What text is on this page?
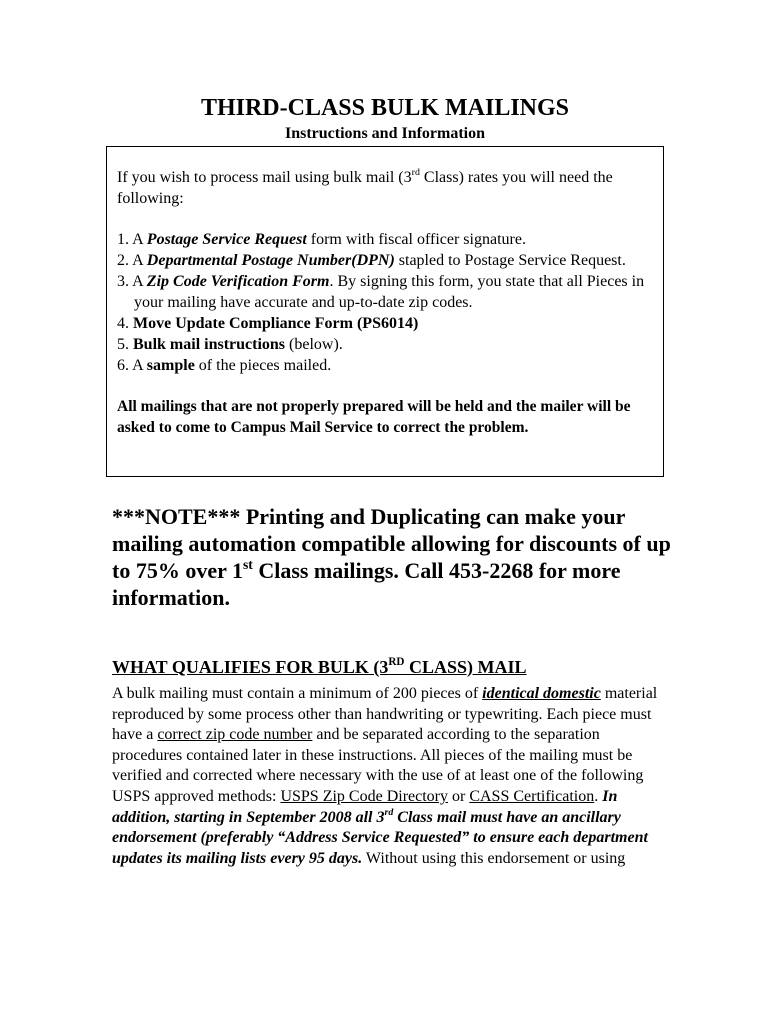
THIRD-CLASS BULK MAILINGS
Instructions and Information

If you wish to process mail using bulk mail (3rd Class) rates you will need the following:

1. A Postage Service Request form with fiscal officer signature.
2. A Departmental Postage Number(DPN) stapled to Postage Service Request.
3. A Zip Code Verification Form. By signing this form, you state that all Pieces in your mailing have accurate and up-to-date zip codes.
4. Move Update Compliance Form (PS6014)
5. Bulk mail instructions (below).
6. A sample of the pieces mailed.

All mailings that are not properly prepared will be held and the mailer will be asked to come to Campus Mail Service to correct the problem.

***NOTE*** Printing and Duplicating can make your mailing automation compatible allowing for discounts of up to 75% over 1st Class mailings. Call 453-2268 for more information.
WHAT QUALIFIES FOR BULK (3RD CLASS) MAIL
A bulk mailing must contain a minimum of 200 pieces of identical domestic material reproduced by some process other than handwriting or typewriting. Each piece must have a correct zip code number and be separated according to the separation procedures contained later in these instructions. All pieces of the mailing must be verified and corrected where necessary with the use of at least one of the following USPS approved methods: USPS Zip Code Directory or CASS Certification. In addition, starting in September 2008 all 3rd Class mail must have an ancillary endorsement (preferably “Address Service Requested” to ensure each department updates its mailing lists every 95 days. Without using this endorsement or using
